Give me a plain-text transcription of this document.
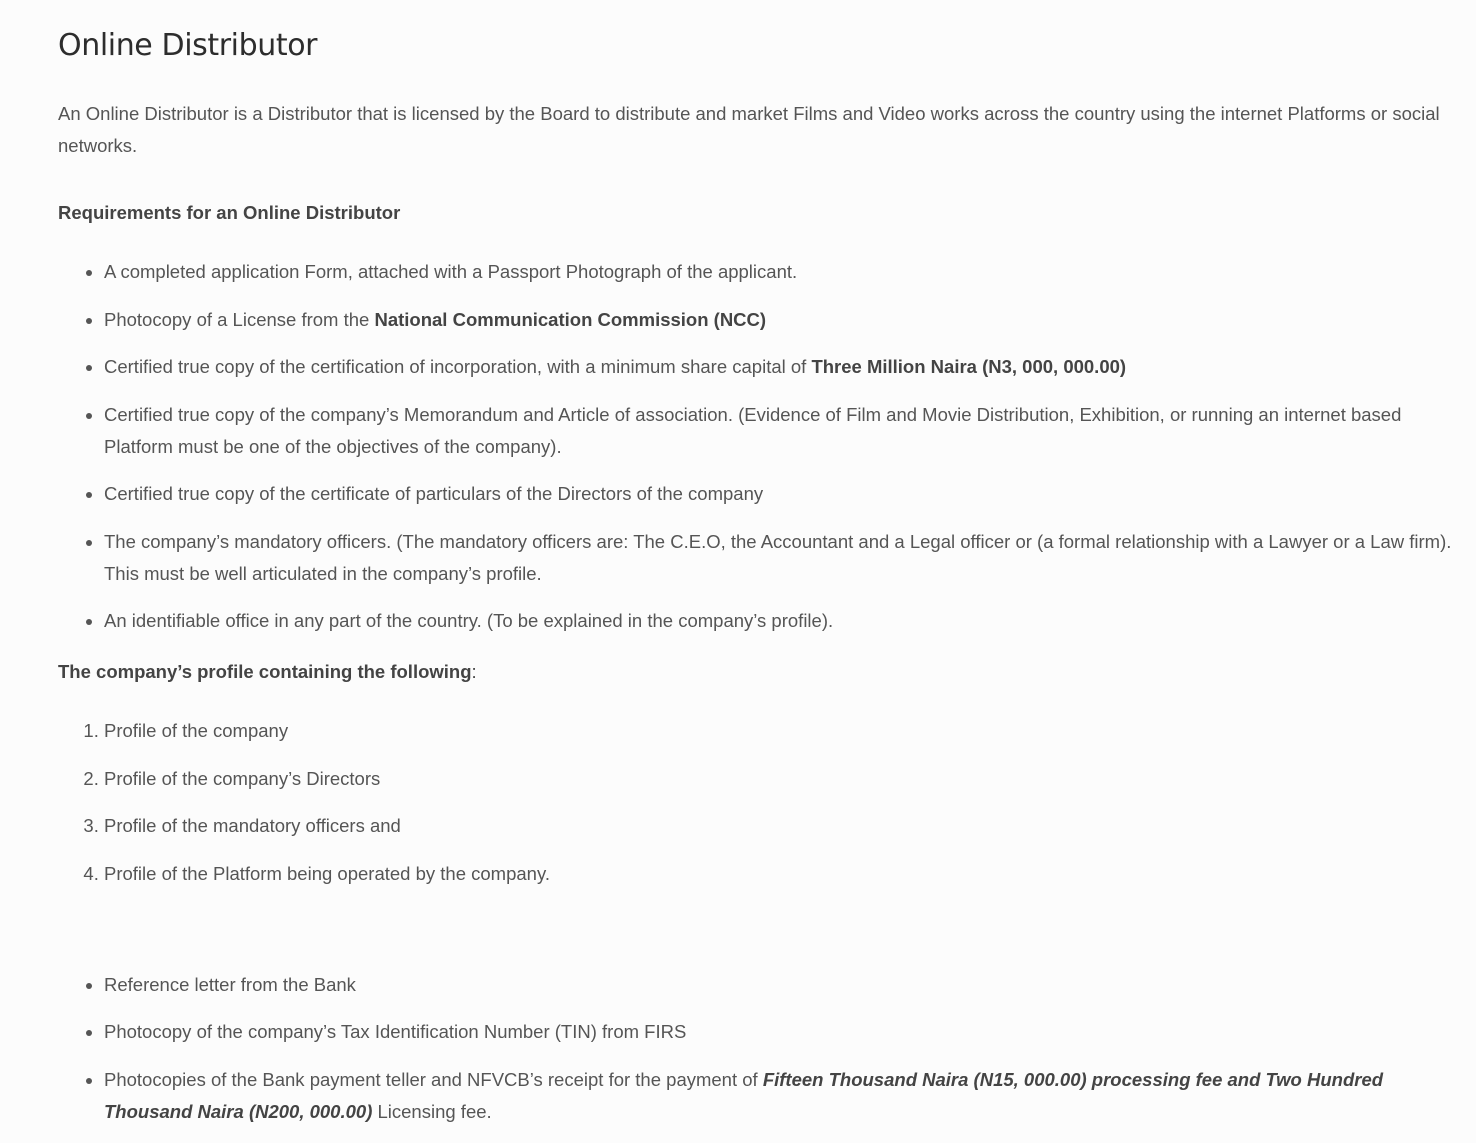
Online Distributor

An Online Distributor is a Distributor that is licensed by the Board to distribute and market Films and Video works across the country using the internet Platforms or social networks.

Requirements for an Online Distributor
• A completed application Form, attached with a Passport Photograph of the applicant.
• Photocopy of a License from the National Communication Commission (NCC)
• Certified true copy of the certification of incorporation, with a minimum share capital of Three Million Naira (N3, 000, 000.00)
• Certified true copy of the company’s Memorandum and Article of association. (Evidence of Film and Movie Distribution, Exhibition, or running an internet based Platform must be one of the objectives of the company).
• Certified true copy of the certificate of particulars of the Directors of the company
• The company’s mandatory officers. (The mandatory officers are: The C.E.O, the Accountant and a Legal officer or (a formal relationship with a Lawyer or a Law firm). This must be well articulated in the company’s profile.
• An identifiable office in any part of the country. (To be explained in the company’s profile).
The company’s profile containing the following:
1. Profile of the company
2. Profile of the company’s Directors
3. Profile of the mandatory officers and
4. Profile of the Platform being operated by the company.
• Reference letter from the Bank
• Photocopy of the company’s Tax Identification Number (TIN) from FIRS
• Photocopies of the Bank payment teller and NFVCB’s receipt for the payment of Fifteen Thousand Naira (N15, 000.00) processing fee and Two Hundred Thousand Naira (N200, 000.00) Licensing fee.
